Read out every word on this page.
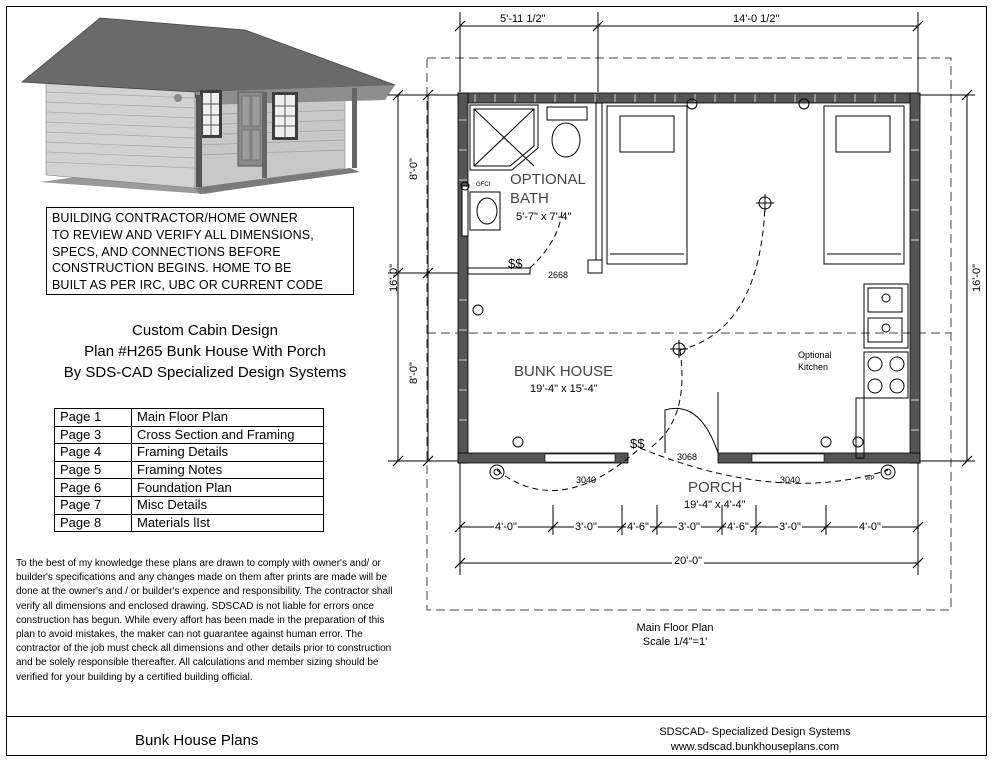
BUILDING CONTRACTOR/HOME OWNER
TO REVIEW AND VERIFY ALL DIMENSIONS,
SPECS, AND CONNECTIONS BEFORE
CONSTRUCTION BEGINS. HOME TO BE
BUILT AS PER IRC, UBC OR CURRENT CODE
Custom Cabin Design
Plan #H265 Bunk House With Porch
By SDS-CAD Specialized Design Systems
Page 1	Main Floor Plan
Page 3	Cross Section and Framing
Page 4	Framing Details
Page 5	Framing Notes
Page 6	Foundation Plan
Page 7	Misc Details
Page 8	Materials lIst
To the best of my knowledge these plans are drawn to comply with owner's and/ or builder's specifications and any changes made on them after prints are made will be done at the owner's and / or builder's expence and responsibility. The contractor shall verify all dimensions and enclosed drawing. SDSCAD is not liable for errors once construction has begun. While every affort has been made in the preparation of this plan to avoid mistakes, the maker can not guarantee against human error. The contractor of the job must check all dimensions and other details prior to construction and be solely responsible thereafter. All calculations and member sizing should be verified for your building by a certified building official.
5'-11 1/2"	14'-0 1/2"
8'-0"
16'-0"
8'-0"
16'-0"
OPTIONAL
BATH
5'-7" x 7'-4"
2668
GFCI
$$
BUNK HOUSE
19'-4" x 15'-4"
Optional
Kitchen
$$
3068
3040	3040	WP
PORCH
19'-4" x 4'-4"
4'-0"	3'-0"	4'-6"	3'-0" 4'-6"	3'-0"	4'-0"
20'-0"
Main Floor Plan
Scale 1/4"=1'
Bunk House Plans	SDSCAD- Specialized Design Systems
www.sdscad.bunkhouseplans.com
